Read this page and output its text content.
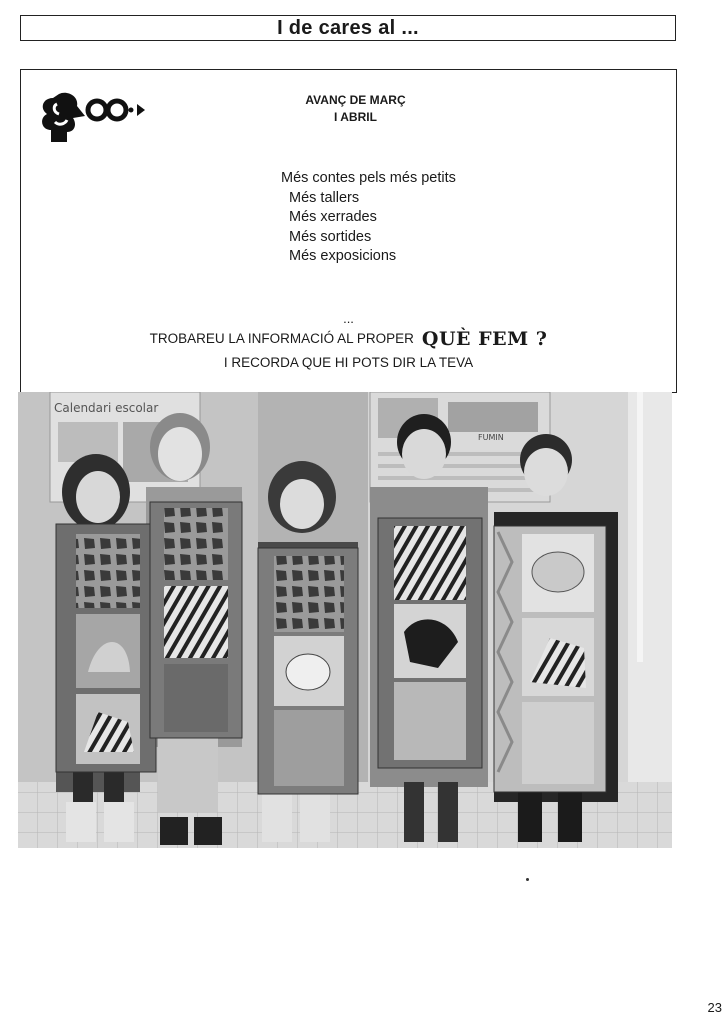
I de cares al ...
AVANÇ DE MARÇ
I ABRIL
Més contes pels més petits
Més tallers
Més xerrades
Més sortides
Més exposicions
...
TROBAREU LA INFORMACIÓ AL PROPER QUÈ FEM ?
I RECORDA QUE HI POTS DIR LA TEVA
Calendari escolar
FUMIN
23
